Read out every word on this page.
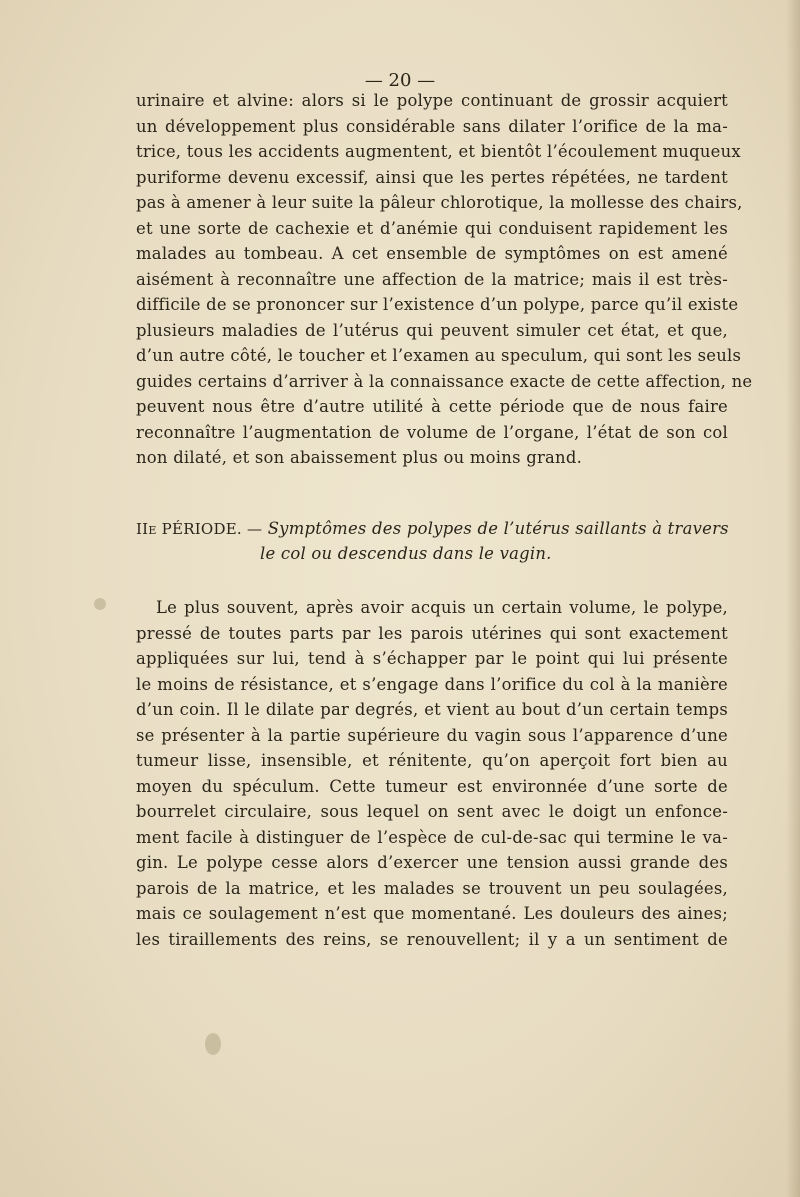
— 20 —
urinaire et alvine: alors si le polype continuant de grossir acquiert
un développement plus considérable sans dilater l’orifice de la ma-
trice, tous les accidents augmentent, et bientôt l’écoulement muqueux
puriforme devenu excessif, ainsi que les pertes répétées, ne tardent
pas à amener à leur suite la pâleur chlorotique, la mollesse des chairs,
et une sorte de cachexie et d’anémie qui conduisent rapidement les
malades au tombeau. A cet ensemble de symptômes on est amené
aisément à reconnaître une affection de la matrice; mais il est très-
difficile de se prononcer sur l’existence d’un polype, parce qu’il existe
plusieurs maladies de l’utérus qui peuvent simuler cet état, et que,
d’un autre côté, le toucher et l’examen au speculum, qui sont les seuls
guides certains d’arriver à la connaissance exacte de cette affection, ne
peuvent nous être d’autre utilité à cette période que de nous faire
reconnaître l’augmentation de volume de l’organe, l’état de son col
non dilaté, et son abaissement plus ou moins grand.
IIe PÉRIODE. — Symptômes des polypes de l’utérus saillants à travers
le col ou descendus dans le vagin.
Le plus souvent, après avoir acquis un certain volume, le polype,
pressé de toutes parts par les parois utérines qui sont exactement
appliquées sur lui, tend à s’échapper par le point qui lui présente
le moins de résistance, et s’engage dans l’orifice du col à la manière
d’un coin. Il le dilate par degrés, et vient au bout d’un certain temps
se présenter à la partie supérieure du vagin sous l’apparence d’une
tumeur lisse, insensible, et rénitente, qu’on aperçoit fort bien au
moyen du spéculum. Cette tumeur est environnée d’une sorte de
bourrelet circulaire, sous lequel on sent avec le doigt un enfonce-
ment facile à distinguer de l’espèce de cul-de-sac qui termine le va-
gin. Le polype cesse alors d’exercer une tension aussi grande des
parois de la matrice, et les malades se trouvent un peu soulagées,
mais ce soulagement n’est que momentané. Les douleurs des aines;
les tiraillements des reins, se renouvellent; il y a un sentiment de
